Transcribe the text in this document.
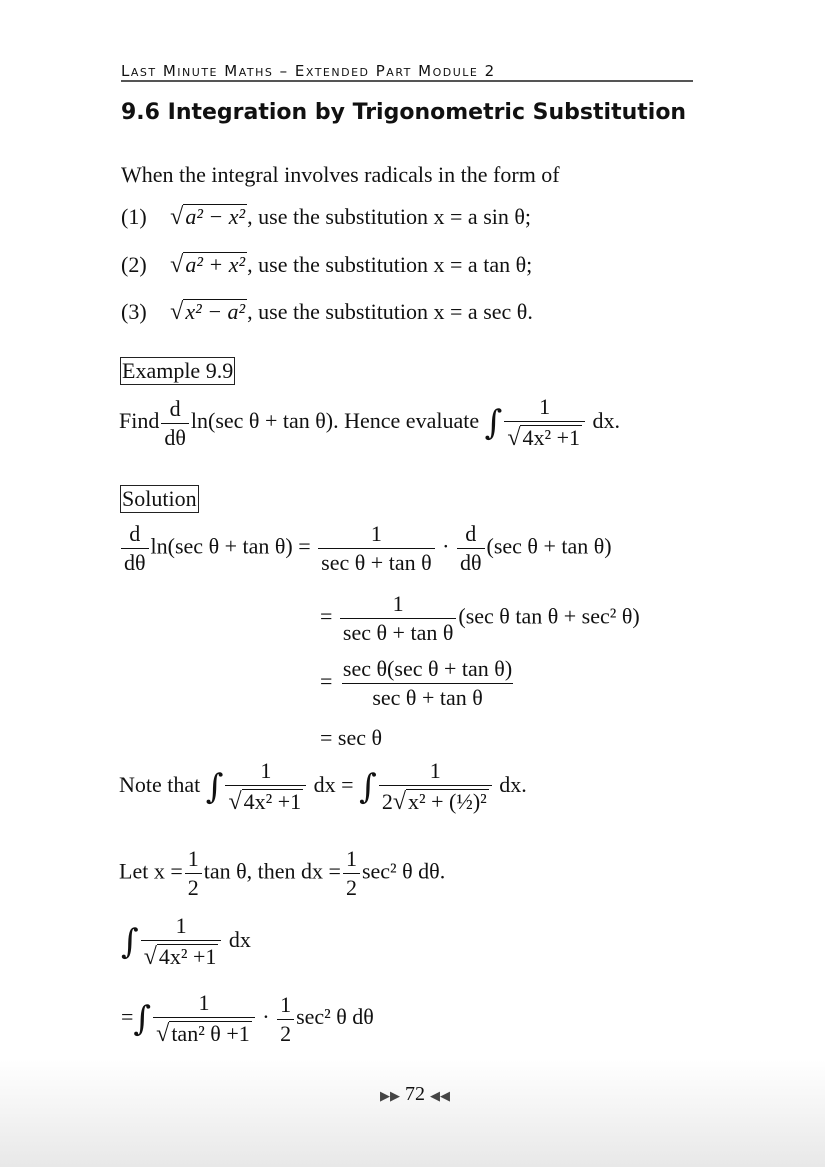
Last Minute Maths – Extended Part Module 2
9.6 Integration by Trigonometric Substitution
When the integral involves radicals in the form of
(1) √a² − x², use the substitution x = a sin θ;
(2) √a² + x², use the substitution x = a tan θ;
(3) √x² − a², use the substitution x = a sec θ.
Example 9.9
Find $\frac{d}{d\theta} \ln(\sec$ θ + tan θ). Hence evaluate ∫ $\frac{1}{\text{√4x² +1}}$ dx.
Solution
$\frac{d}{d\theta} \ln(\sec$ $\theta + \tan \theta) = \frac{1}{\text{sec θ + tan θ}} \cdot \frac{d}{d\theta} (\sec$ θ + tan θ)
= $\frac{1}{\text{sec θ + tan θ}} (\sec$ θ tan θ + sec² θ)
= $\frac{\text{sec θ(sec θ + tan θ)}}{\text{sec θ + tan θ}}$
= sec θ
Note that ∫ $\frac{1}{\text{√4x² +1}}$ dx = ∫ $\frac{1}{\text{2√x² + (½)²}}$ dx.
Let $x = \frac{1}{2}$ tan θ, then dx = $\frac{1}{2} \sec^2$ θ dθ.
∫ $\frac{1}{\text{√4x² +1}}$ dx
=∫ $\frac{1}{\text{√tan² θ +1}} \cdot \frac{1}{2} \sec^2$ θ dθ
▶▶ 72 ◀◀
